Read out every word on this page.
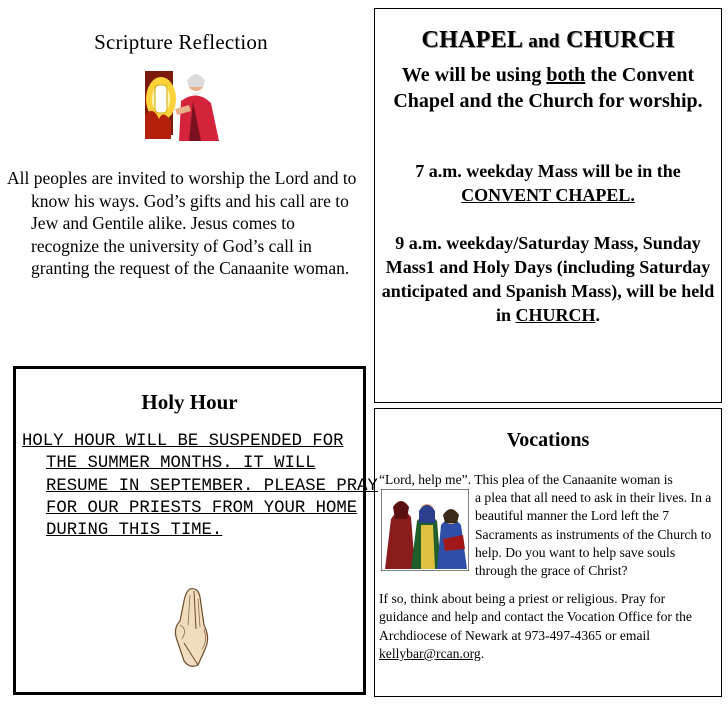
Scripture Reflection
All peoples are invited to worship the Lord and to know his ways. God’s gifts and his call are to Jew and Gentile alike. Jesus comes to recognize the university of God’s call in granting the request of the Canaanite woman.
Holy Hour
HOLY HOUR WILL BE SUSPENDED FOR THE SUMMER MONTHS. IT WILL RESUME IN SEPTEMBER. PLEASE PRAY FOR OUR PRIESTS FROM YOUR HOME DURING THIS TIME.
CHAPEL and CHURCH
We will be using both the Convent Chapel and the Church for worship.
7 a.m. weekday Mass will be in the CONVENT CHAPEL.
9 a.m. weekday/Saturday Mass, Sunday Mass1 and Holy Days (including Saturday anticipated and Spanish Mass), will be held in CHURCH.
Vocations
“Lord, help me”. This plea of the Canaanite woman is
a plea that all need to ask in their lives. In a beautiful manner the Lord left the 7 Sacraments as instruments of the Church to help. Do you want to help save souls through the grace of Christ?
If so, think about being a priest or religious. Pray for guidance and help and contact the Vocation Office for the Archdiocese of Newark at 973-497-4365 or email kellybar@rcan.org.
